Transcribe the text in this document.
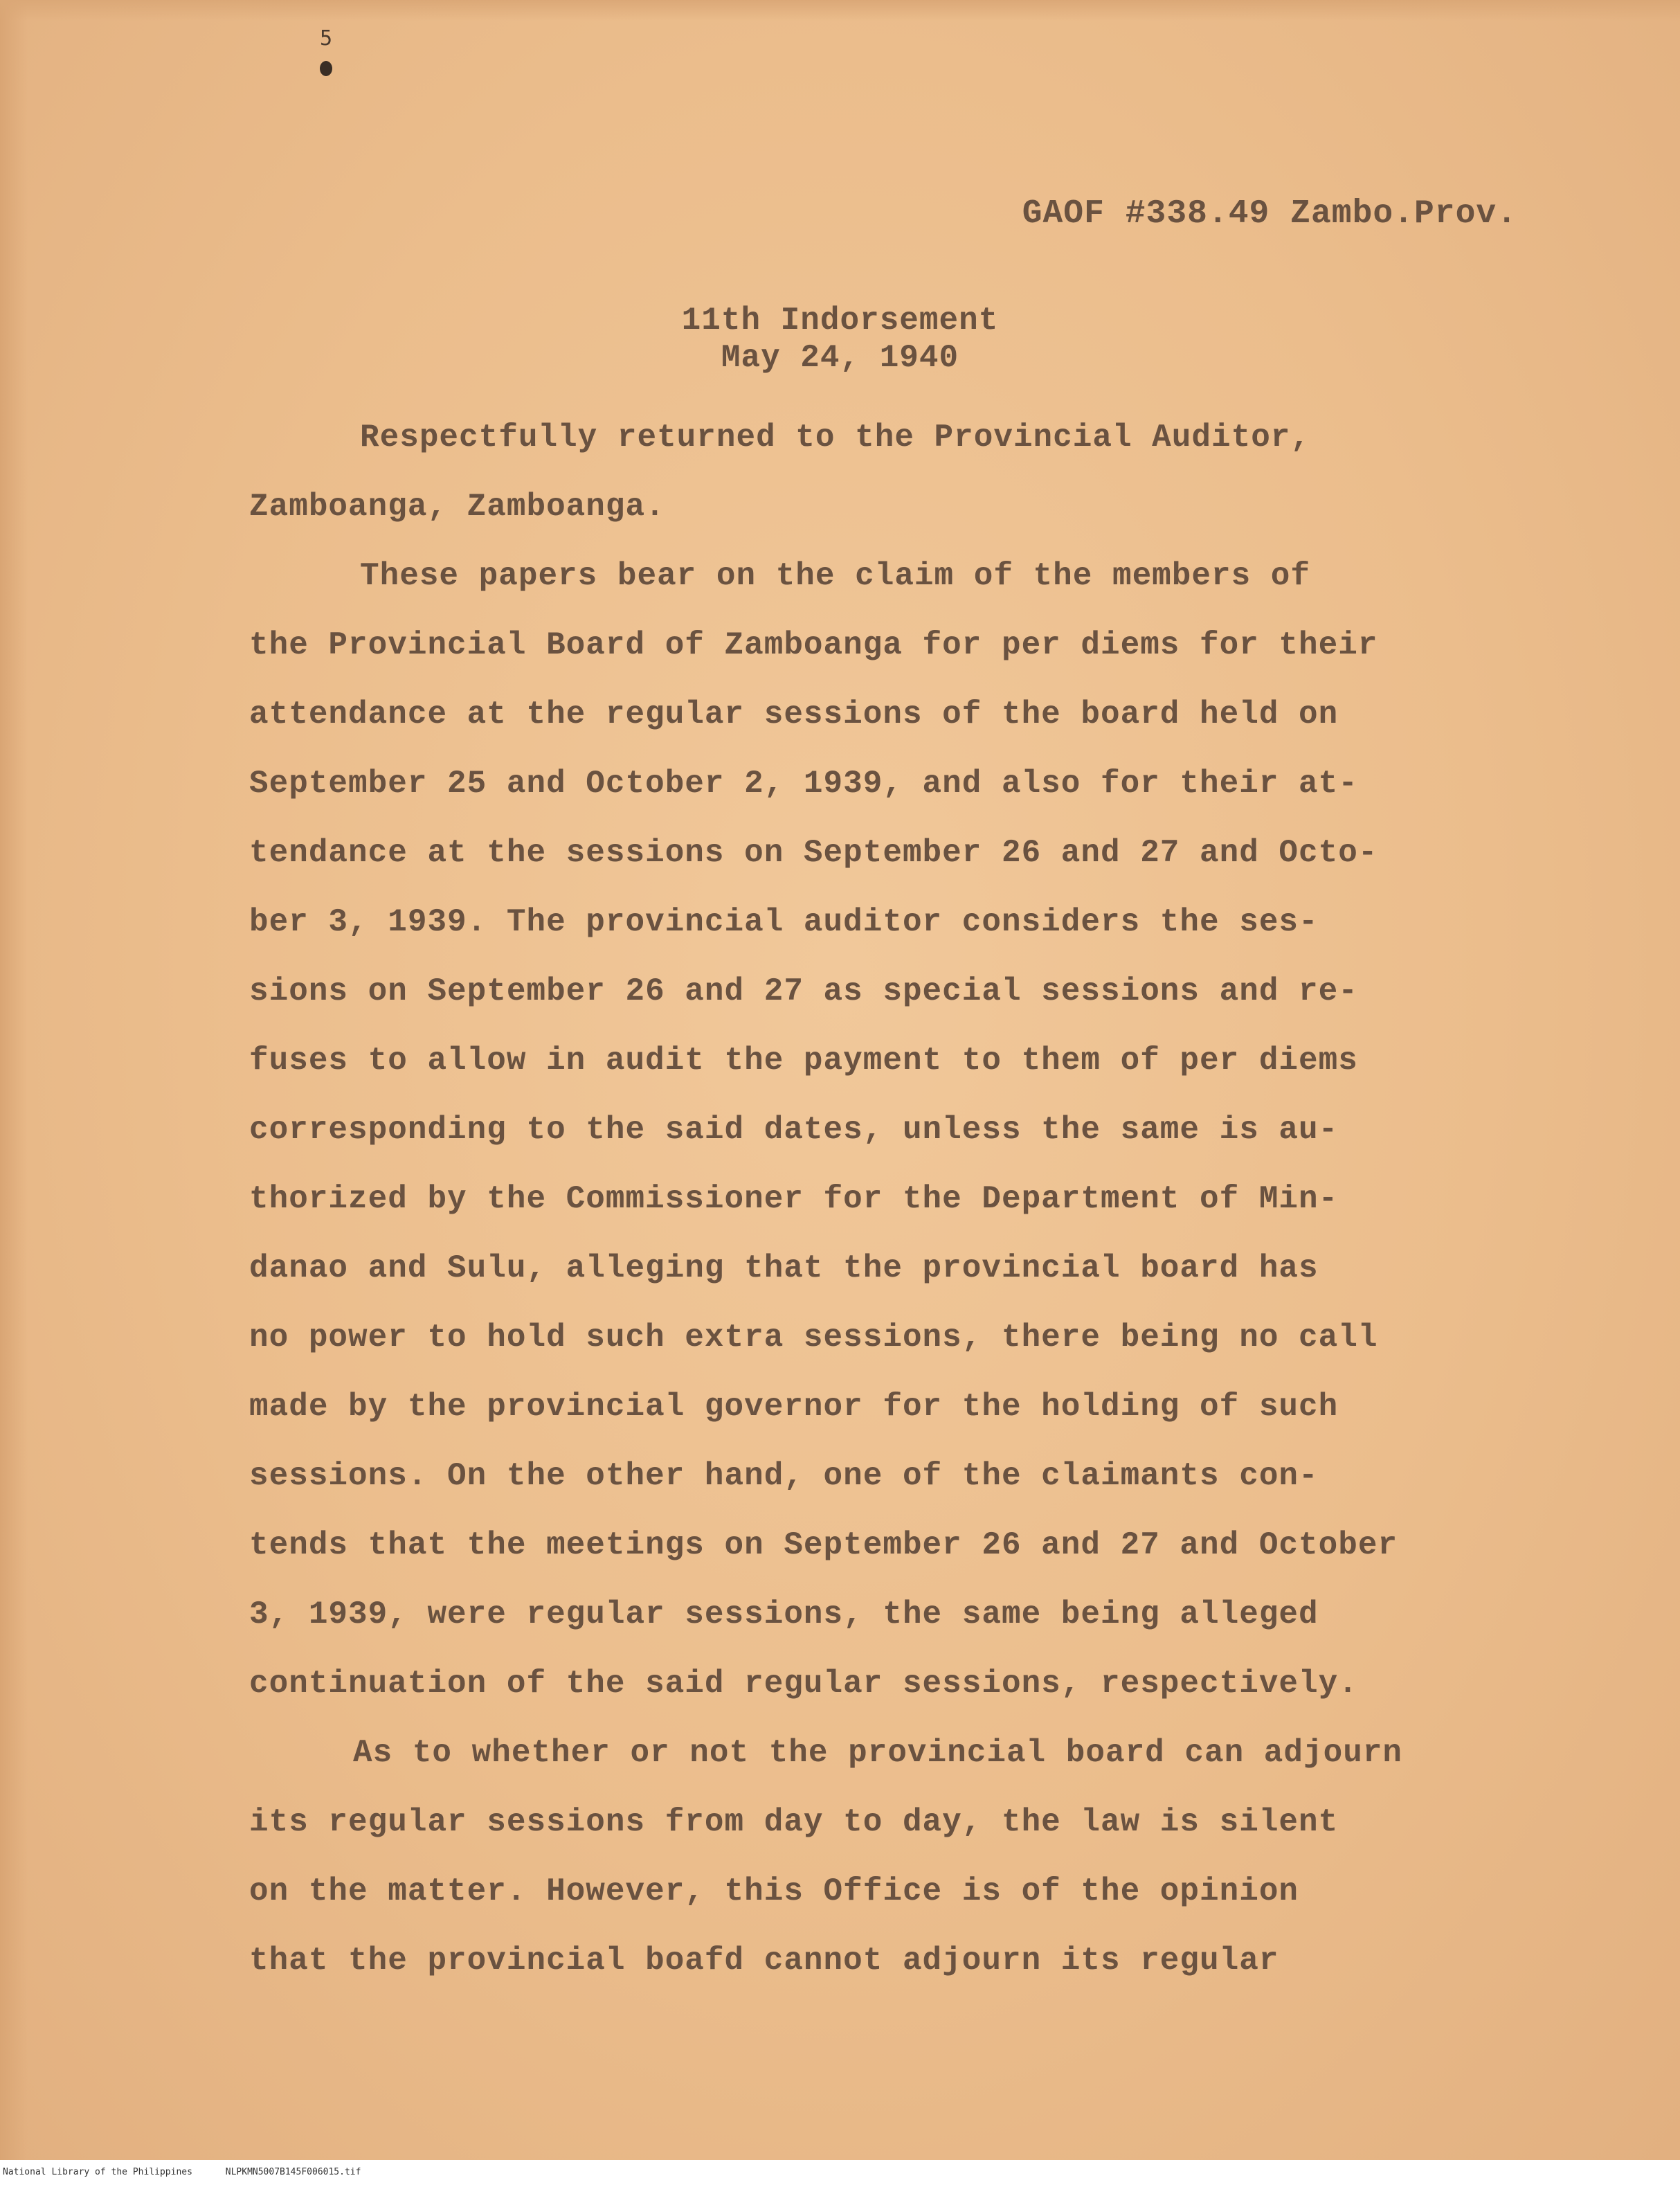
5
GAOF #338.49 Zambo.Prov.
11th Indorsement
May 24, 1940
Respectfully returned to the Provincial Auditor,
Zamboanga, Zamboanga.
These papers bear on the claim of the members of
the Provincial Board of Zamboanga for per diems for their
attendance at the regular sessions of the board held on
September 25 and October 2, 1939, and also for their at-
tendance at the sessions on September 26 and 27 and Octo-
ber 3, 1939. The provincial auditor considers the ses-
sions on September 26 and 27 as special sessions and re-
fuses to allow in audit the payment to them of per diems
corresponding to the said dates, unless the same is au-
thorized by the Commissioner for the Department of Min-
danao and Sulu, alleging that the provincial board has
no power to hold such extra sessions, there being no call
made by the provincial governor for the holding of such
sessions. On the other hand, one of the claimants con-
tends that the meetings on September 26 and 27 and October
3, 1939, were regular sessions, the same being alleged
continuation of the said regular sessions, respectively.
As to whether or not the provincial board can adjourn
its regular sessions from day to day, the law is silent
on the matter. However, this Office is of the opinion
that the provincial boafd cannot adjourn its regular
National Library of the Philippines	NLPKMN5007B145F006015.tif
